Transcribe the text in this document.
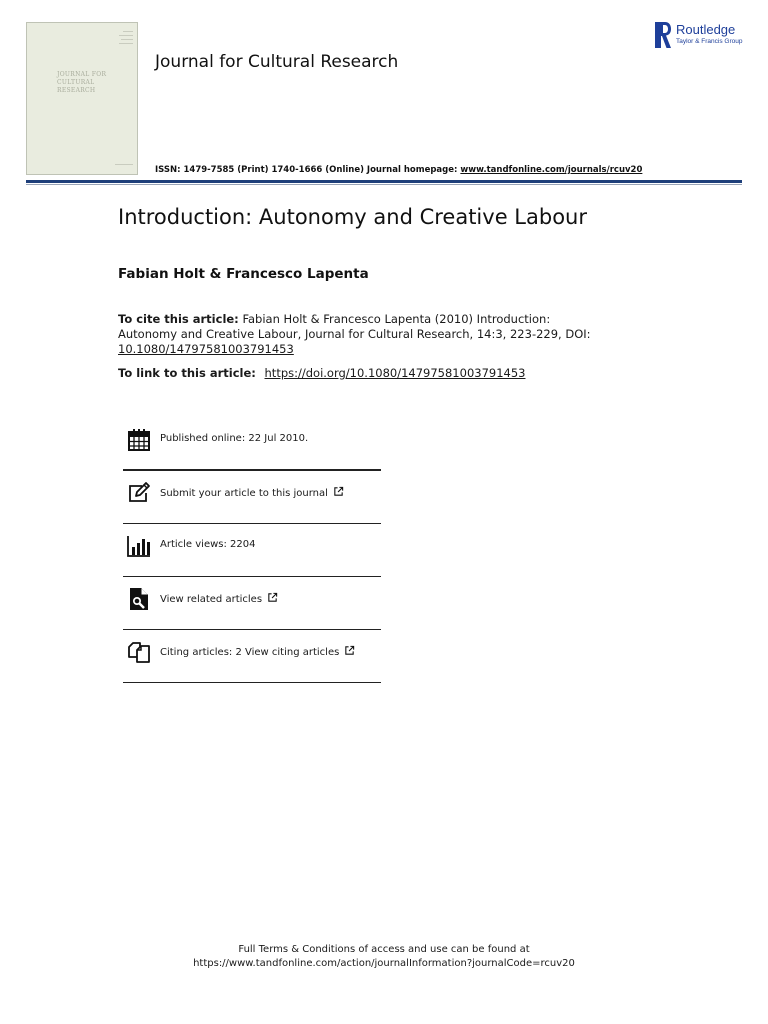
JOURNAL FOR CULTURAL RESEARCH
Journal for Cultural Research
Routledge
Taylor & Francis Group
ISSN: 1479-7585 (Print) 1740-1666 (Online) Journal homepage: www.tandfonline.com/journals/rcuv20
Introduction: Autonomy and Creative Labour
Fabian Holt & Francesco Lapenta
To cite this article: Fabian Holt & Francesco Lapenta (2010) Introduction: Autonomy and Creative Labour, Journal for Cultural Research, 14:3, 223-229, DOI: 10.1080/14797581003791453
To link to this article: https://doi.org/10.1080/14797581003791453
Published online: 22 Jul 2010.
Submit your article to this journal
Article views: 2204
View related articles
Citing articles: 2 View citing articles
Full Terms & Conditions of access and use can be found at
https://www.tandfonline.com/action/journalInformation?journalCode=rcuv20
